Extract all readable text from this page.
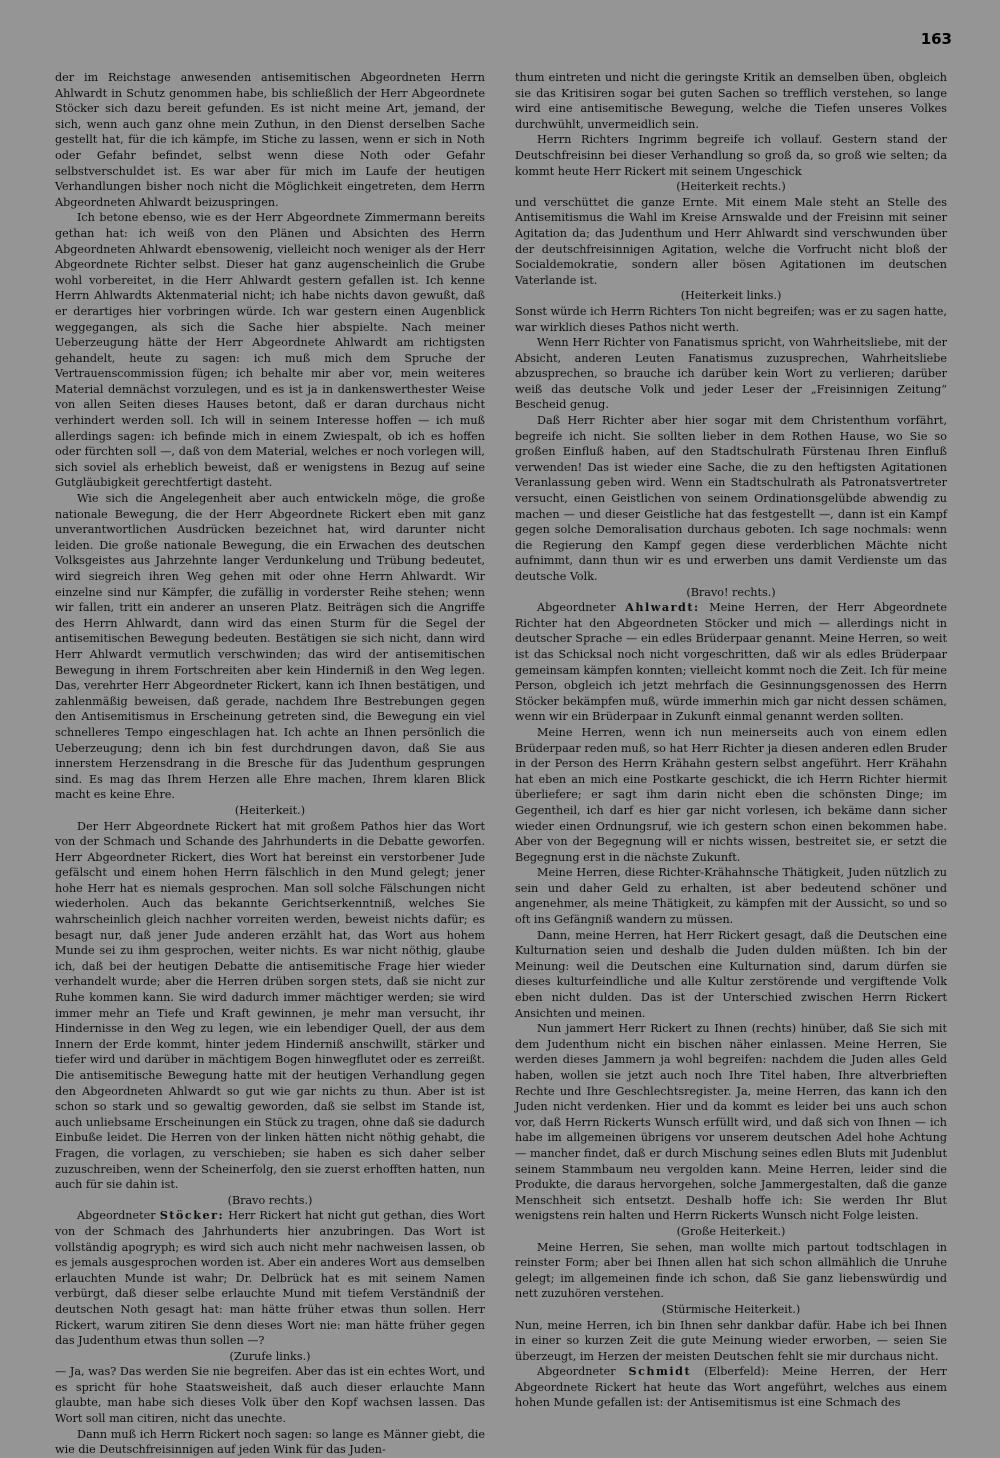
163

der im Reichstage anwesenden antisemitischen Abgeordneten Herrn Ahlwardt in Schutz genommen habe, bis schließlich der Herr Abgeordnete Stöcker sich dazu bereit gefunden. Es ist nicht meine Art, jemand, der sich, wenn auch ganz ohne mein Zuthun, in den Dienst derselben Sache gestellt hat, für die ich kämpfe, im Stiche zu lassen, wenn er sich in Noth oder Gefahr befindet, selbst wenn diese Noth oder Gefahr selbstverschuldet ist. Es war aber für mich im Laufe der heutigen Verhandlungen bisher noch nicht die Möglichkeit eingetreten, dem Herrn Abgeordneten Ahlwardt beizuspringen.

Ich betone ebenso, wie es der Herr Abgeordnete Zimmermann bereits gethan hat: ich weiß von den Plänen und Absichten des Herrn Abgeordneten Ahlwardt ebensowenig, vielleicht noch weniger als der Herr Abgeordnete Richter selbst. Dieser hat ganz augenscheinlich die Grube wohl vorbereitet, in die Herr Ahlwardt gestern gefallen ist. Ich kenne Herrn Ahlwardts Aktenmaterial nicht; ich habe nichts davon gewußt, daß er derartiges hier vorbringen würde. Ich war gestern einen Augenblick weggegangen, als sich die Sache hier abspielte. Nach meiner Ueberzeugung hätte der Herr Abgeordnete Ahlwardt am richtigsten gehandelt, heute zu sagen: ich muß mich dem Spruche der Vertrauenscommission fügen; ich behalte mir aber vor, mein weiteres Material demnächst vorzulegen, und es ist ja in dankenswerthester Weise von allen Seiten dieses Hauses betont, daß er daran durchaus nicht verhindert werden soll. Ich will in seinem Interesse hoffen — ich muß allerdings sagen: ich befinde mich in einem Zwiespalt, ob ich es hoffen oder fürchten soll —, daß von dem Material, welches er noch vorlegen will, sich soviel als erheblich beweist, daß er wenigstens in Bezug auf seine Gutgläubigkeit gerechtfertigt dasteht.

Wie sich die Angelegenheit aber auch entwickeln möge, die große nationale Bewegung, die der Herr Abgeordnete Rickert eben mit ganz unverantwortlichen Ausdrücken bezeichnet hat, wird darunter nicht leiden. Die große nationale Bewegung, die ein Erwachen des deutschen Volksgeistes aus Jahrzehnte langer Verdunkelung und Trübung bedeutet, wird siegreich ihren Weg gehen mit oder ohne Herrn Ahlwardt. Wir einzelne sind nur Kämpfer, die zufällig in vorderster Reihe stehen; wenn wir fallen, tritt ein anderer an unseren Platz. Beiträgen sich die Angriffe des Herrn Ahlwardt, dann wird das einen Sturm für die Segel der antisemitischen Bewegung bedeuten. Bestätigen sie sich nicht, dann wird Herr Ahlwardt vermutlich verschwinden; das wird der antisemitischen Bewegung in ihrem Fortschreiten aber kein Hinderniß in den Weg legen. Das, verehrter Herr Abgeordneter Rickert, kann ich Ihnen bestätigen, und zahlenmäßig beweisen, daß gerade, nachdem Ihre Bestrebungen gegen den Antisemitismus in Erscheinung getreten sind, die Bewegung ein viel schnelleres Tempo eingeschlagen hat. Ich achte an Ihnen persönlich die Ueberzeugung; denn ich bin fest durchdrungen davon, daß Sie aus innerstem Herzensdrang in die Bresche für das Judenthum gesprungen sind. Es mag das Ihrem Herzen alle Ehre machen, Ihrem klaren Blick macht es keine Ehre.

(Heiterkeit.)

Der Herr Abgeordnete Rickert hat mit großem Pathos hier das Wort von der Schmach und Schande des Jahrhunderts in die Debatte geworfen. Herr Abgeordneter Rickert, dies Wort hat bereinst ein verstorbener Jude gefälscht und einem hohen Herrn fälschlich in den Mund gelegt; jener hohe Herr hat es niemals gesprochen. Man soll solche Fälschungen nicht wiederholen. Auch das bekannte Gerichtserkenntniß, welches Sie wahrscheinlich gleich nachher vorreiten werden, beweist nichts dafür; es besagt nur, daß jener Jude anderen erzählt hat, das Wort aus hohem Munde sei zu ihm gesprochen, weiter nichts. Es war nicht nöthig, glaube ich, daß bei der heutigen Debatte die antisemitische Frage hier wieder verhandelt wurde; aber die Herren drüben sorgen stets, daß sie nicht zur Ruhe kommen kann. Sie wird dadurch immer mächtiger werden; sie wird immer mehr an Tiefe und Kraft gewinnen, je mehr man versucht, ihr Hindernisse in den Weg zu legen, wie ein lebendiger Quell, der aus dem Innern der Erde kommt, hinter jedem Hinderniß anschwillt, stärker und tiefer wird und darüber in mächtigem Bogen hinwegflutet oder es zerreißt. Die antisemitische Bewegung hatte mit der heutigen Verhandlung gegen den Abgeordneten Ahlwardt so gut wie gar nichts zu thun. Aber ist ist schon so stark und so gewaltig geworden, daß sie selbst im Stande ist, auch unliebsame Erscheinungen ein Stück zu tragen, ohne daß sie dadurch Einbuße leidet. Die Herren von der linken hätten nicht nöthig gehabt, die Fragen, die vorlagen, zu verschieben; sie haben es sich daher selber zuzuschreiben, wenn der Scheinerfolg, den sie zuerst erhofften hatten, nun auch für sie dahin ist.

(Bravo rechts.)

Abgeordneter Stöcker: Herr Rickert hat nicht gut gethan, dies Wort von der Schmach des Jahrhunderts hier anzubringen. Das Wort ist vollständig apogryph; es wird sich auch nicht mehr nachweisen lassen, ob es jemals ausgesprochen worden ist. Aber ein anderes Wort aus demselben erlauchten Munde ist wahr; Dr. Delbrück hat es mit seinem Namen verbürgt, daß dieser selbe erlauchte Mund mit tiefem Verständniß der deutschen Noth gesagt hat: man hätte früher etwas thun sollen. Herr Rickert, warum zitiren Sie denn dieses Wort nie: man hätte früher gegen das Judenthum etwas thun sollen —?

(Zurufe links.)

— Ja, was? Das werden Sie nie begreifen. Aber das ist ein echtes Wort, und es spricht für hohe Staatsweisheit, daß auch dieser erlauchte Mann glaubte, man habe sich dieses Volk über den Kopf wachsen lassen. Das Wort soll man citiren, nicht das unechte.

Dann muß ich Herrn Rickert noch sagen: so lange es Männer giebt, die wie die Deutschfreisinnigen auf jeden Wink für das Juden-

thum eintreten und nicht die geringste Kritik an demselben üben, obgleich sie das Kritisiren sogar bei guten Sachen so trefflich verstehen, so lange wird eine antisemitische Bewegung, welche die Tiefen unseres Volkes durchwühlt, unvermeidlich sein.

Herrn Richters Ingrimm begreife ich vollauf. Gestern stand der Deutschfreisinn bei dieser Verhandlung so groß da, so groß wie selten; da kommt heute Herr Rickert mit seinem Ungeschick

(Heiterkeit rechts.)

und verschüttet die ganze Ernte. Mit einem Male steht an Stelle des Antisemitismus die Wahl im Kreise Arnswalde und der Freisinn mit seiner Agitation da; das Judenthum und Herr Ahlwardt sind verschwunden über der deutschfreisinnigen Agitation, welche die Vorfrucht nicht bloß der Socialdemokratie, sondern aller bösen Agitationen im deutschen Vaterlande ist.

(Heiterkeit links.)

Sonst würde ich Herrn Richters Ton nicht begreifen; was er zu sagen hatte, war wirklich dieses Pathos nicht werth.

Wenn Herr Richter von Fanatismus spricht, von Wahrheitsliebe, mit der Absicht, anderen Leuten Fanatismus zuzusprechen, Wahrheitsliebe abzusprechen, so brauche ich darüber kein Wort zu verlieren; darüber weiß das deutsche Volk und jeder Leser der „Freisinnigen Zeitung“ Bescheid genug.

Daß Herr Richter aber hier sogar mit dem Christenthum vorfährt, begreife ich nicht. Sie sollten lieber in dem Rothen Hause, wo Sie so großen Einfluß haben, auf den Stadtschulrath Fürstenau Ihren Einfluß verwenden! Das ist wieder eine Sache, die zu den heftigsten Agitationen Veranlassung geben wird. Wenn ein Stadtschulrath als Patronatsvertreter versucht, einen Geistlichen von seinem Ordinationsgelübde abwendig zu machen — und dieser Geistliche hat das festgestellt —, dann ist ein Kampf gegen solche Demoralisation durchaus geboten. Ich sage nochmals: wenn die Regierung den Kampf gegen diese verderblichen Mächte nicht aufnimmt, dann thun wir es und erwerben uns damit Verdienste um das deutsche Volk.

(Bravo! rechts.)

Abgeordneter Ahlwardt: Meine Herren, der Herr Abgeordnete Richter hat den Abgeordneten Stöcker und mich — allerdings nicht in deutscher Sprache — ein edles Brüderpaar genannt. Meine Herren, so weit ist das Schicksal noch nicht vorgeschritten, daß wir als edles Brüderpaar gemeinsam kämpfen konnten; vielleicht kommt noch die Zeit. Ich für meine Person, obgleich ich jetzt mehrfach die Gesinnungsgenossen des Herrn Stöcker bekämpfen muß, würde immerhin mich gar nicht dessen schämen, wenn wir ein Brüderpaar in Zukunft einmal genannt werden sollten.

Meine Herren, wenn ich nun meinerseits auch von einem edlen Brüderpaar reden muß, so hat Herr Richter ja diesen anderen edlen Bruder in der Person des Herrn Krähahn gestern selbst angeführt. Herr Krähahn hat eben an mich eine Postkarte geschickt, die ich Herrn Richter hiermit überliefere; er sagt ihm darin nicht eben die schönsten Dinge; im Gegentheil, ich darf es hier gar nicht vorlesen, ich bekäme dann sicher wieder einen Ordnungsruf, wie ich gestern schon einen bekommen habe. Aber von der Begegnung will er nichts wissen, bestreitet sie, er setzt die Begegnung erst in die nächste Zukunft.

Meine Herren, diese Richter-Krähahnsche Thätigkeit, Juden nützlich zu sein und daher Geld zu erhalten, ist aber bedeutend schöner und angenehmer, als meine Thätigkeit, zu kämpfen mit der Aussicht, so und so oft ins Gefängniß wandern zu müssen.

Dann, meine Herren, hat Herr Rickert gesagt, daß die Deutschen eine Kulturnation seien und deshalb die Juden dulden müßten. Ich bin der Meinung: weil die Deutschen eine Kulturnation sind, darum dürfen sie dieses kulturfeindliche und alle Kultur zerstörende und vergiftende Volk eben nicht dulden. Das ist der Unterschied zwischen Herrn Rickert Ansichten und meinen.

Nun jammert Herr Rickert zu Ihnen (rechts) hinüber, daß Sie sich mit dem Judenthum nicht ein bischen näher einlassen. Meine Herren, Sie werden dieses Jammern ja wohl begreifen: nachdem die Juden alles Geld haben, wollen sie jetzt auch noch Ihre Titel haben, Ihre altverbrieften Rechte und Ihre Geschlechtsregister. Ja, meine Herren, das kann ich den Juden nicht verdenken. Hier und da kommt es leider bei uns auch schon vor, daß Herrn Rickerts Wunsch erfüllt wird, und daß sich von Ihnen — ich habe im allgemeinen übrigens vor unserem deutschen Adel hohe Achtung — mancher findet, daß er durch Mischung seines edlen Bluts mit Judenblut seinem Stammbaum neu vergolden kann. Meine Herren, leider sind die Produkte, die daraus hervorgehen, solche Jammergestalten, daß die ganze Menschheit sich entsetzt. Deshalb hoffe ich: Sie werden Ihr Blut wenigstens rein halten und Herrn Rickerts Wunsch nicht Folge leisten.

(Große Heiterkeit.)

Meine Herren, Sie sehen, man wollte mich partout todtschlagen in reinster Form; aber bei Ihnen allen hat sich schon allmählich die Unruhe gelegt; im allgemeinen finde ich schon, daß Sie ganz liebenswürdig und nett zuzuhören verstehen.

(Stürmische Heiterkeit.)

Nun, meine Herren, ich bin Ihnen sehr dankbar dafür. Habe ich bei Ihnen in einer so kurzen Zeit die gute Meinung wieder erworben, — seien Sie überzeugt, im Herzen der meisten Deutschen fehlt sie mir durchaus nicht.

Abgeordneter Schmidt (Elberfeld): Meine Herren, der Herr Abgeordnete Rickert hat heute das Wort angeführt, welches aus einem hohen Munde gefallen ist: der Antisemitismus ist eine Schmach des
